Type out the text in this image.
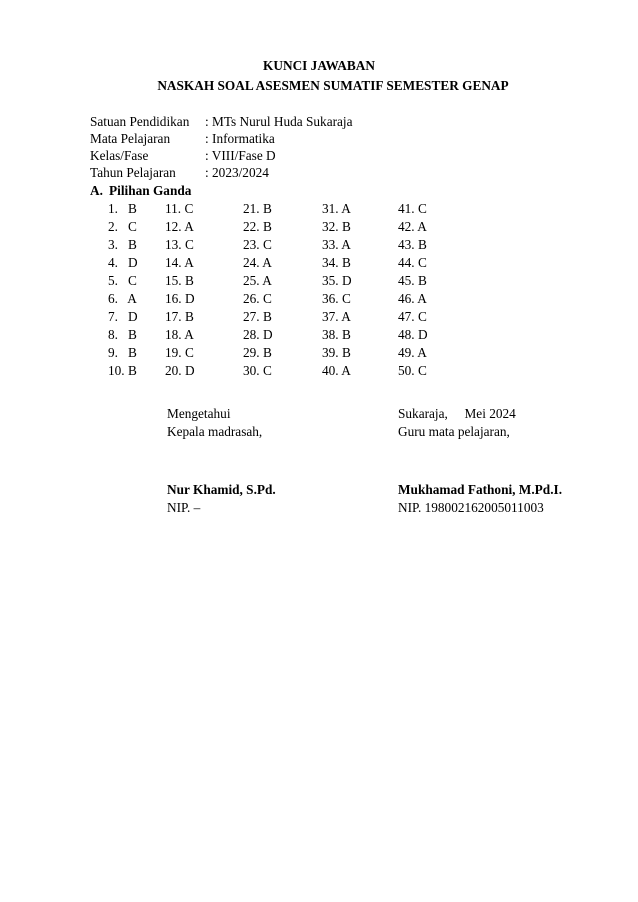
KUNCI JAWABAN
NASKAH SOAL ASESMEN SUMATIF SEMESTER GENAP
Satuan Pendidikan	: MTs Nurul Huda Sukaraja
Mata Pelajaran	: Informatika
Kelas/Fase	: VIII/Fase D
Tahun Pelajaran	: 2023/2024
A. Pilihan Ganda
1.   B 11. C	21. B	31. A	41. C
2.   C 12. A	22. B	32. B	42. A
3.   B 13. C	23. C	33. A	43. B
4.   D 14. A	24. A	34. B	44. C
5.   C 15. B	25. A	35. D	45. B
6.   A 16. D	26. C	36. C	46. A
7.   D 17. B	27. B	37. A	47. C
8.   B 18. A	28. D	38. B	48. D
9.   B 19. C	29. B	39. B	49. A
10. B 20. D	30. C	40. A	50. C
Mengetahui
Kepala madrasah,
Nur Khamid, S.Pd.
NIP. –
Sukaraja,     Mei 2024
Guru mata pelajaran,
Mukhamad Fathoni, M.Pd.I.
NIP. 198002162005011003
